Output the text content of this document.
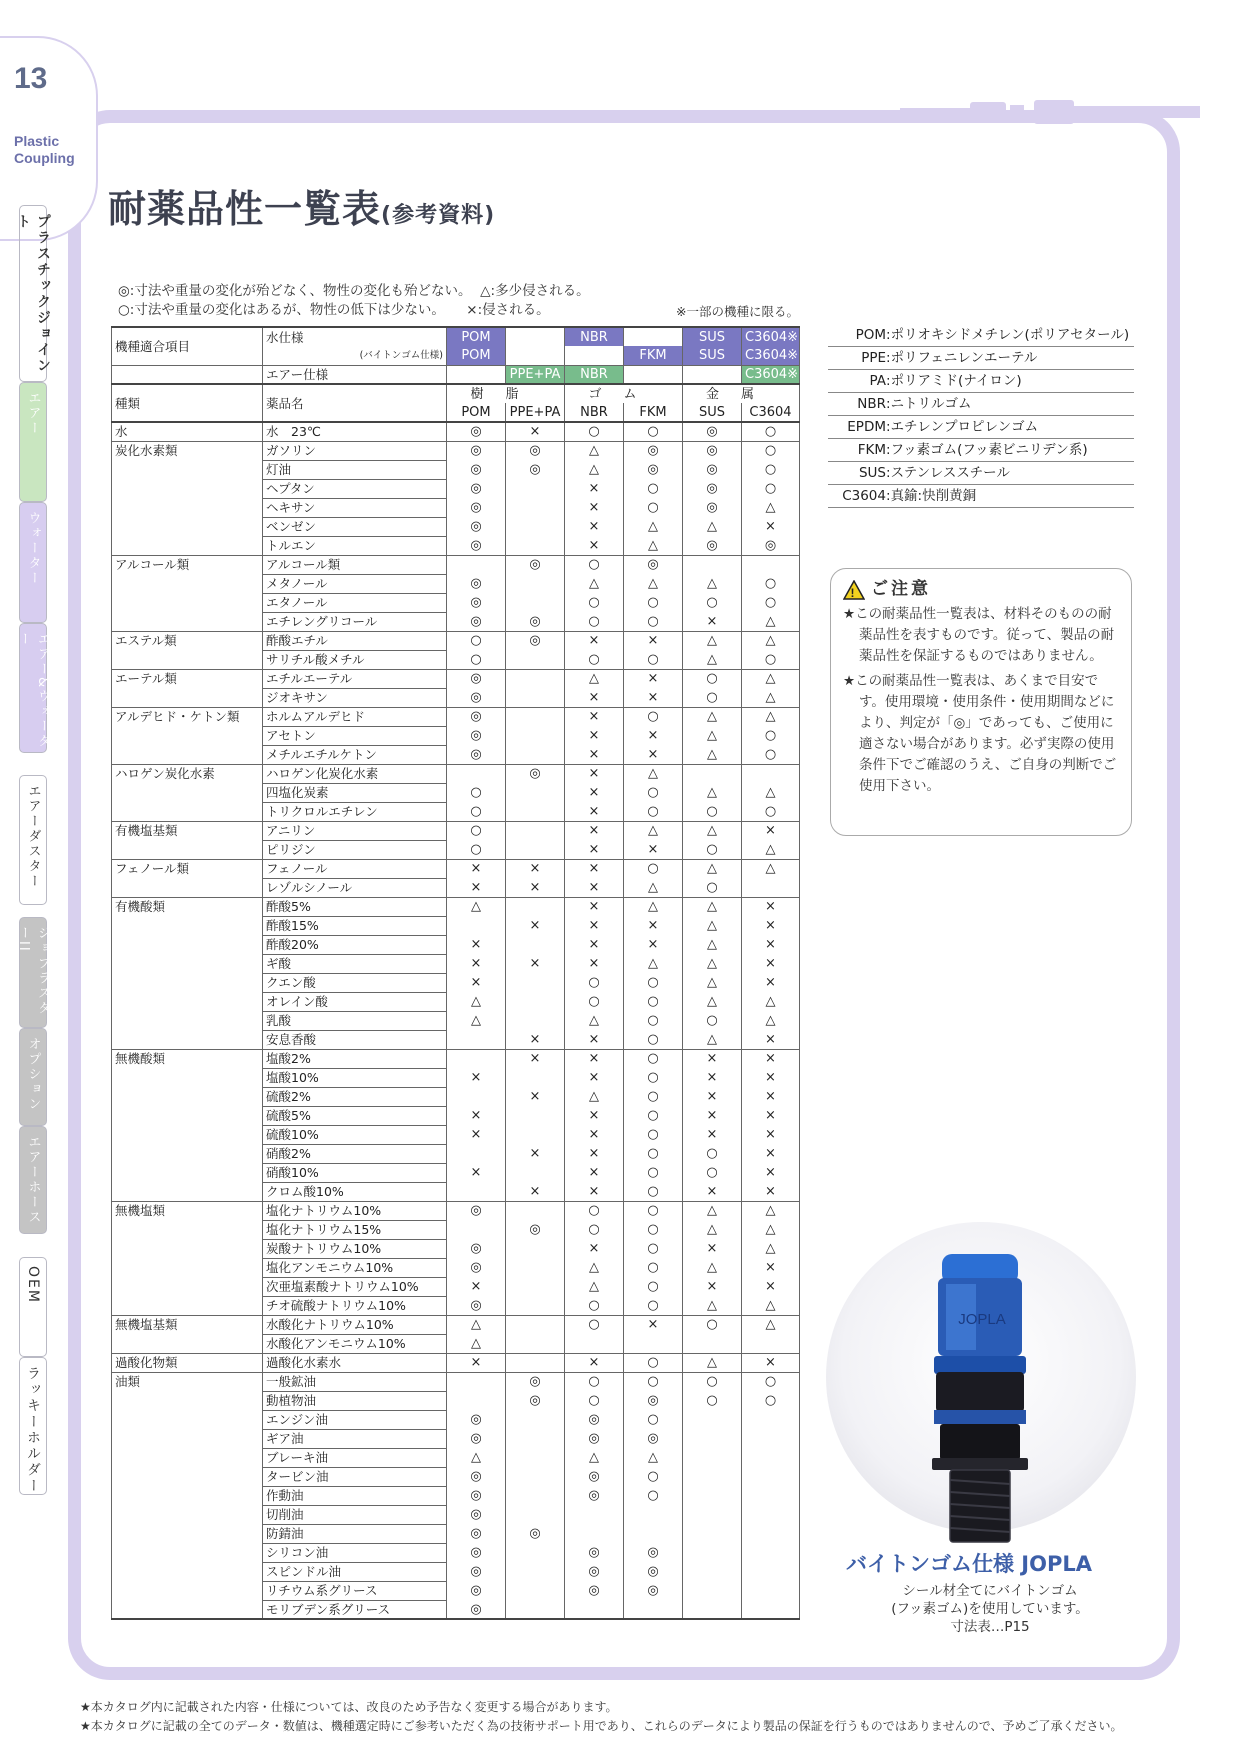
13
Plastic
Coupling
プラスチックジョイント
エアー
ウォーター
エアー&ウォーター
エアーダスター
ジョプラスターII
オプション
エアーホース
OEM
ラッキーホルダー
耐薬品性一覧表(参考資料)
◎:寸法や重量の変化が殆どなく、物性の変化も殆どない。 △:多少侵される。
○:寸法や重量の変化はあるが、物性の低下は少ない。 ×:侵される。	※一部の機種に限る。
機種適合項目	水仕様	POM		NBR		SUS	C3604※
	(バイトンゴム仕様)	POM			FKM	SUS	C3604※
	エアー仕様		PPE+PA	NBR			C3604※
種類	薬品名	樹脂		ゴム		金属	
		POM	PPE+PA	NBR	FKM	SUS	C3604
水	水　23℃	◎	×	○	○	◎	○
炭化水素類	ガソリン	◎	◎	△	◎	◎	○
	灯油	◎	◎	△	◎	◎	○
	ヘプタン	◎		×	○	◎	○
	ヘキサン	◎		×	○	◎	△
	ベンゼン	◎		×	△	△	×
	トルエン	◎		×	△	◎	◎
アルコール類	アルコール類		◎	○	◎		
	メタノール	◎		△	△	△	○
	エタノール	◎		○	○	○	○
	エチレングリコール	◎	◎	○	○	×	△
エステル類	酢酸エチル	○	◎	×	×	△	△
	サリチル酸メチル	○		○	○	△	○
エーテル類	エチルエーテル	◎		△	×	○	△
	ジオキサン	◎		×	×	○	△
アルデヒド・ケトン類	ホルムアルデヒド	◎		×	○	△	△
	アセトン	◎		×	×	△	○
	メチルエチルケトン	◎		×	×	△	○
ハロゲン炭化水素	ハロゲン化炭化水素		◎	×	△		
	四塩化炭素	○		×	○	△	△
	トリクロルエチレン	○		×	○	○	○
有機塩基類	アニリン	○		×	△	△	×
	ピリジン	○		×	×	○	△
フェノール類	フェノール	×	×	×	○	△	△
	レゾルシノール	×	×	×	△	○	
有機酸類	酢酸5%	△		×	△	△	×
	酢酸15%		×	×	×	△	×
	酢酸20%	×		×	×	△	×
	ギ酸	×	×	×	△	△	×
	クエン酸	×		○	○	△	×
	オレイン酸	△		○	○	△	△
	乳酸	△		△	○	○	△
	安息香酸		×	×	○	△	×
無機酸類	塩酸2%		×	×	○	×	×
	塩酸10%	×		×	○	×	×
	硫酸2%		×	△	○	×	×
	硫酸5%	×		×	○	×	×
	硫酸10%	×		×	○	×	×
	硝酸2%		×	×	○	○	×
	硝酸10%	×		×	○	○	×
	クロム酸10%		×	×	○	×	×
無機塩類	塩化ナトリウム10%	◎		○	○	△	△
	塩化ナトリウム15%		◎	○	○	△	△
	炭酸ナトリウム10%	◎		×	○	×	△
	塩化アンモニウム10%	◎		△	○	△	×
	次亜塩素酸ナトリウム10%	×		△	○	×	×
	チオ硫酸ナトリウム10%	◎		○	○	△	△
無機塩基類	水酸化ナトリウム10%	△		○	×	○	△
	水酸化アンモニウム10%	△					
過酸化物類	過酸化水素水	×		×	○	△	×
油類	一般鉱油		◎	○	○	○	○
	動植物油		◎	○	◎	○	○
	エンジン油	◎		◎	○		
	ギア油	◎		◎	◎		
	ブレーキ油	△		△	△		
	タービン油	◎		◎	○		
	作動油	◎		◎	○		
	切削油	◎					
	防錆油	◎	◎				
	シリコン油	◎		◎	◎		
	スピンドル油	◎		◎	◎		
	リチウム系グリース	◎		◎	◎		
	モリブデン系グリース	◎					
POM:ポリオキシドメチレン(ポリアセタール)
PPE:ポリフェニレンエーテル
PA:ポリアミド(ナイロン)
NBR:ニトリルゴム
EPDM:エチレンプロピレンゴム
FKM:フッ素ゴム(フッ素ビニリデン系)
SUS:ステンレススチール
C3604:真鍮:快削黄銅
! ご注意

★この耐薬品性一覧表は、材料そのものの耐薬品性を表すものです。従って、製品の耐薬品性を保証するものではありません。

★この耐薬品性一覧表は、あくまで目安です。使用環境・使用条件・使用期間などにより、判定が「◎」であっても、ご使用に適さない場合があります。必ず実際の使用条件下でご確認のうえ、ご自身の判断でご使用下さい。

JOPLA
バイトンゴム仕様 JOPLA
シール材全てにバイトンゴム
(フッ素ゴム)を使用しています。
寸法表…P15
★本カタログ内に記載された内容・仕様については、改良のため予告なく変更する場合があります。
★本カタログに記載の全てのデータ・数値は、機種選定時にご参考いただく為の技術サポート用であり、これらのデータにより製品の保証を行うものではありませんので、予めご了承ください。
